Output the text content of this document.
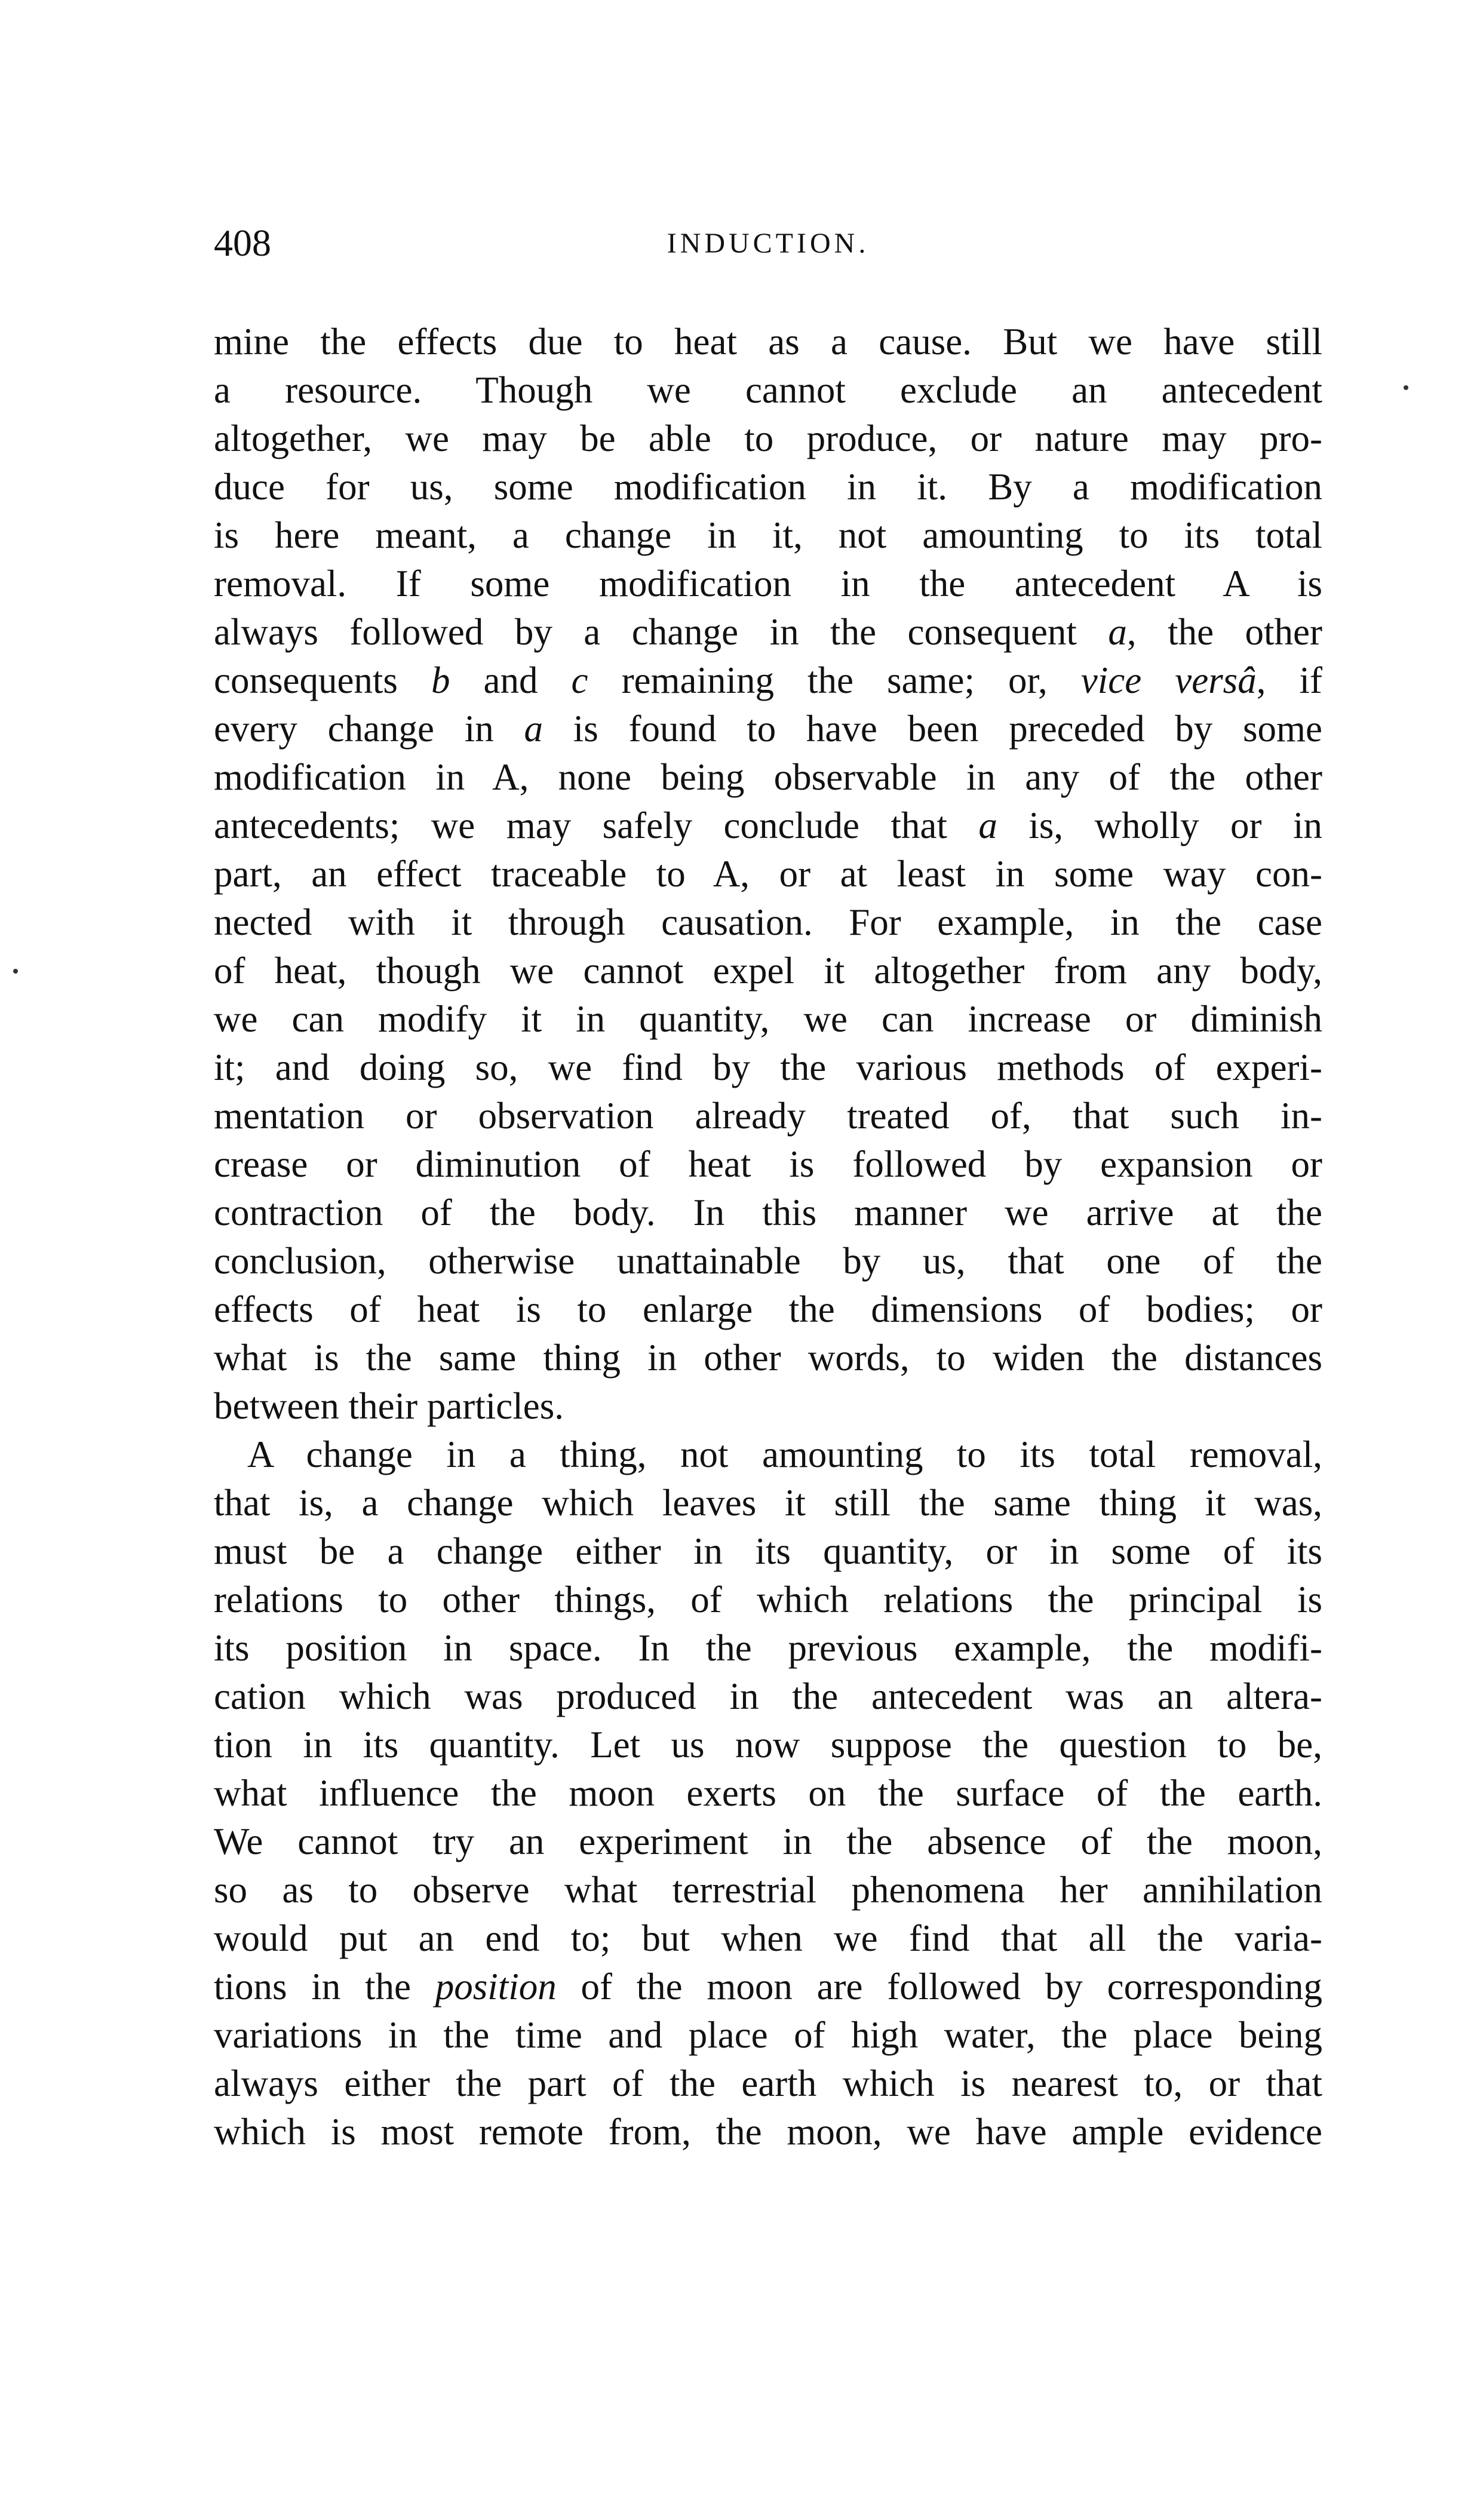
408	INDUCTION.
mine the effects due to heat as a cause. But we have still
a resource. Though we cannot exclude an antecedent
altogether, we may be able to produce, or nature may pro-
duce for us, some modification in it. By a modification
is here meant, a change in it, not amounting to its total
removal. If some modification in the antecedent A is
always followed by a change in the consequent a, the other
consequents b and c remaining the same; or, vice versâ, if
every change in a is found to have been preceded by some
modification in A, none being observable in any of the other
antecedents; we may safely conclude that a is, wholly or in
part, an effect traceable to A, or at least in some way con-
nected with it through causation. For example, in the case
of heat, though we cannot expel it altogether from any body,
we can modify it in quantity, we can increase or diminish
it; and doing so, we find by the various methods of experi-
mentation or observation already treated of, that such in-
crease or diminution of heat is followed by expansion or
contraction of the body. In this manner we arrive at the
conclusion, otherwise unattainable by us, that one of the
effects of heat is to enlarge the dimensions of bodies; or
what is the same thing in other words, to widen the distances
between their particles.
A change in a thing, not amounting to its total removal,
that is, a change which leaves it still the same thing it was,
must be a change either in its quantity, or in some of its
relations to other things, of which relations the principal is
its position in space. In the previous example, the modifi-
cation which was produced in the antecedent was an altera-
tion in its quantity. Let us now suppose the question to be,
what influence the moon exerts on the surface of the earth.
We cannot try an experiment in the absence of the moon,
so as to observe what terrestrial phenomena her annihilation
would put an end to; but when we find that all the varia-
tions in the position of the moon are followed by corresponding
variations in the time and place of high water, the place being
always either the part of the earth which is nearest to, or that
which is most remote from, the moon, we have ample evidence
